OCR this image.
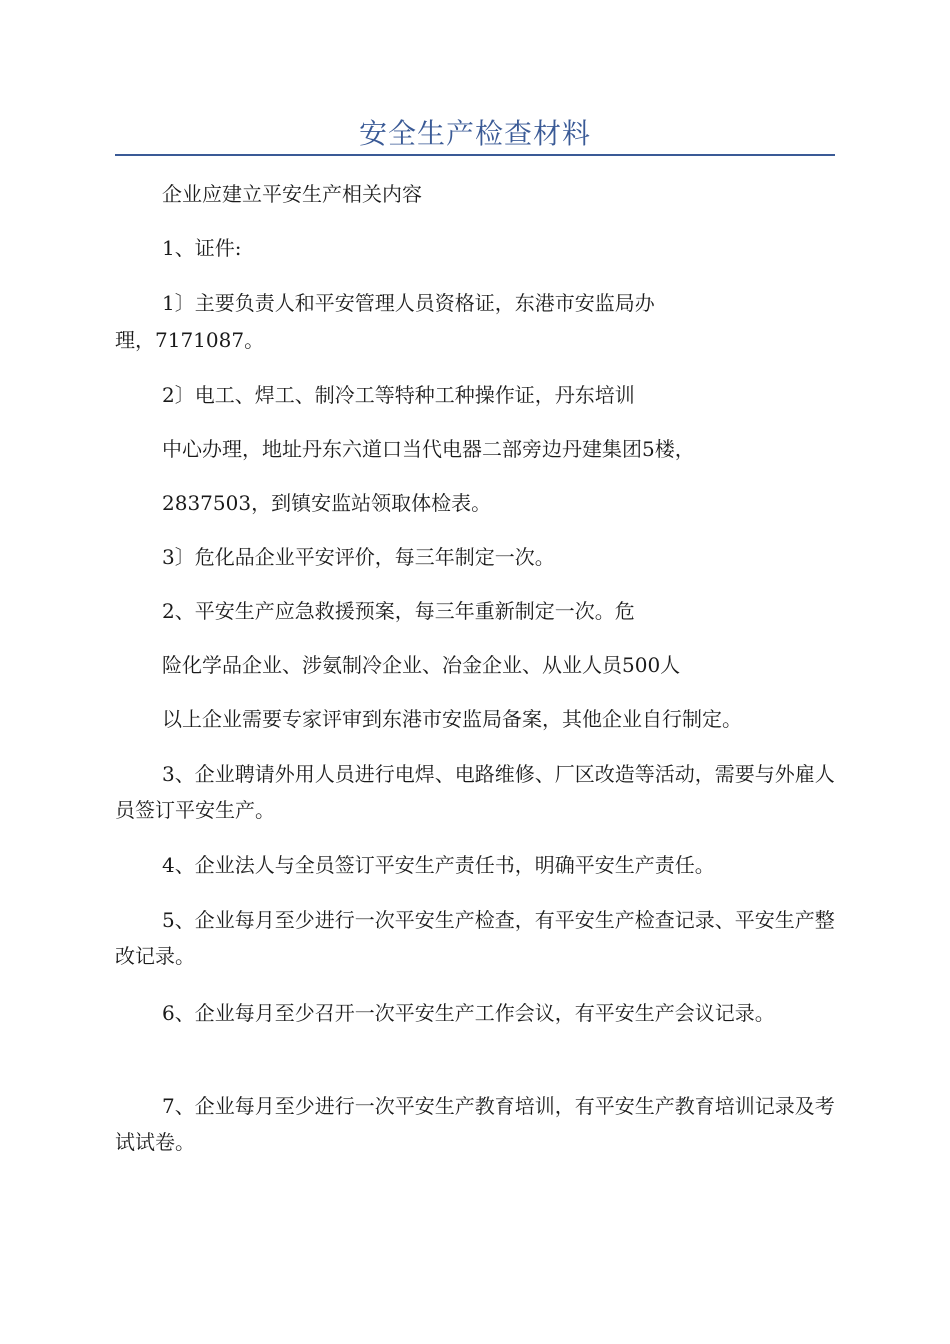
安全生产检查材料

企业应建立平安生产相关内容

1、证件:

1〕主要负责人和平安管理人员资格证，东港市安监局办

理，7171087。

2〕电工、焊工、制冷工等特种工种操作证，丹东培训

中心办理，地址丹东六道口当代电器二部旁边丹建集团5楼，

2837503，到镇安监站领取体检表。

3〕危化品企业平安评价，每三年制定一次。

2、平安生产应急救援预案，每三年重新制定一次。危

险化学品企业、涉氨制冷企业、冶金企业、从业人员500人

以上企业需要专家评审到东港市安监局备案，其他企业自行制定。

3、企业聘请外用人员进行电焊、电路维修、厂区改造等活动，需要与外雇人员签订平安生产。

4、企业法人与全员签订平安生产责任书，明确平安生产责任。

5、企业每月至少进行一次平安生产检查，有平安生产检查记录、平安生产整改记录。

6、企业每月至少召开一次平安生产工作会议，有平安生产会议记录。

7、企业每月至少进行一次平安生产教育培训，有平安生产教育培训记录及考试试卷。
